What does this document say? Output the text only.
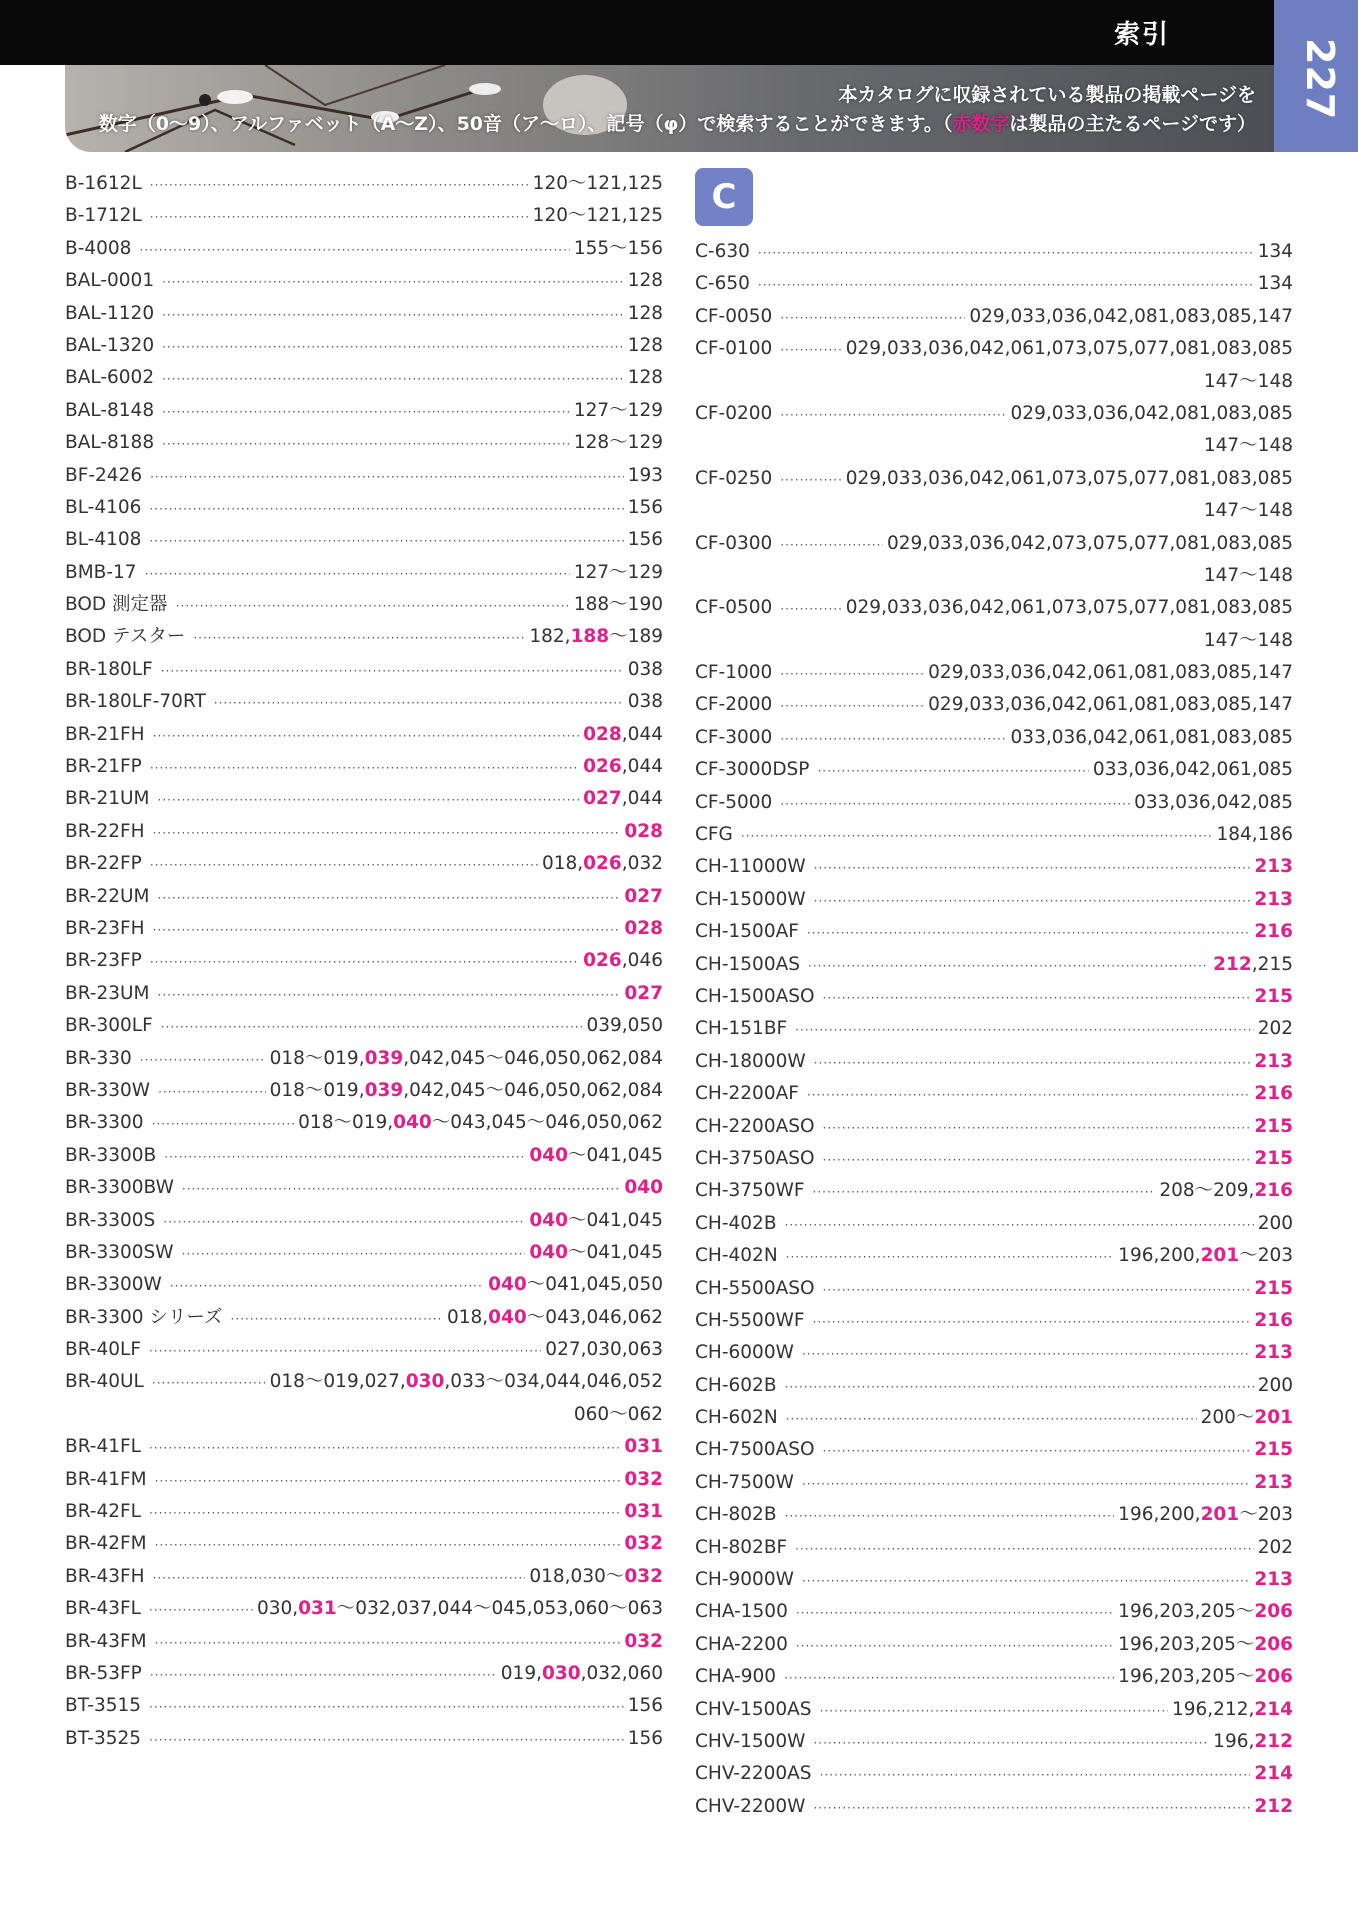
索引
227
本カタログに収録されている製品の掲載ページを
数字（0〜9）、アルファベット（A〜Z）、50音（ア〜ロ）、記号（φ）で検索することができます。（赤数字は製品の主たるページです）
B-1612L ·····	120〜121,125
B-1712L ·····	120〜121,125
B-4008 ·····	155〜156
BAL-0001 ·····	128
BAL-1120 ·····	128
BAL-1320 ·····	128
BAL-6002 ·····	128
BAL-8148 ·····	127〜129
BAL-8188 ·····	128〜129
BF-2426 ·····	193
BL-4106 ·····	156
BL-4108 ·····	156
BMB-17 ·····	127〜129
BOD 測定器 ·····	188〜190
BOD テスター ·····	182,188〜189
BR-180LF ·····	038
BR-180LF-70RT ·····	038
BR-21FH ·····	028,044
BR-21FP ·····	026,044
BR-21UM ·····	027,044
BR-22FH ·····	028
BR-22FP ·····	018,026,032
BR-22UM ·····	027
BR-23FH ·····	028
BR-23FP ·····	026,046
BR-23UM ·····	027
BR-300LF ·····	039,050
BR-330 ·····	018〜019,039,042,045〜046,050,062,084
BR-330W ·····	018〜019,039,042,045〜046,050,062,084
BR-3300 ·····	018〜019,040〜043,045〜046,050,062
BR-3300B ·····	040〜041,045
BR-3300BW ·····	040
BR-3300S ·····	040〜041,045
BR-3300SW ·····	040〜041,045
BR-3300W ·····	040〜041,045,050
BR-3300 シリーズ ·····	018,040〜043,046,062
BR-40LF ·····	027,030,063
BR-40UL ·····	018〜019,027,030,033〜034,044,046,052
060〜062
BR-41FL ·····	031
BR-41FM ·····	032
BR-42FL ·····	031
BR-42FM ·····	032
BR-43FH ·····	018,030〜032
BR-43FL ·····	030,031〜032,037,044〜045,053,060〜063
BR-43FM ·····	032
BR-53FP ·····	019,030,032,060
BT-3515 ·····	156
BT-3525 ·····	156
C
C-630 ·····	134
C-650 ·····	134
CF-0050 ·····	029,033,036,042,081,083,085,147
CF-0100 ·····	029,033,036,042,061,073,075,077,081,083,085
147〜148
CF-0200 ·····	029,033,036,042,081,083,085
147〜148
CF-0250 ·····	029,033,036,042,061,073,075,077,081,083,085
147〜148
CF-0300 ·····	029,033,036,042,073,075,077,081,083,085
147〜148
CF-0500 ·····	029,033,036,042,061,073,075,077,081,083,085
147〜148
CF-1000 ·····	029,033,036,042,061,081,083,085,147
CF-2000 ·····	029,033,036,042,061,081,083,085,147
CF-3000 ·····	033,036,042,061,081,083,085
CF-3000DSP ·····	033,036,042,061,085
CF-5000 ·····	033,036,042,085
CFG ·····	184,186
CH-11000W ·····	213
CH-15000W ·····	213
CH-1500AF ·····	216
CH-1500AS ·····	212,215
CH-1500ASO ·····	215
CH-151BF ·····	202
CH-18000W ·····	213
CH-2200AF ·····	216
CH-2200ASO ·····	215
CH-3750ASO ·····	215
CH-3750WF ·····	208〜209,216
CH-402B ·····	200
CH-402N ·····	196,200,201〜203
CH-5500ASO ·····	215
CH-5500WF ·····	216
CH-6000W ·····	213
CH-602B ·····	200
CH-602N ·····	200〜201
CH-7500ASO ·····	215
CH-7500W ·····	213
CH-802B ·····	196,200,201〜203
CH-802BF ·····	202
CH-9000W ·····	213
CHA-1500 ·····	196,203,205〜206
CHA-2200 ·····	196,203,205〜206
CHA-900 ·····	196,203,205〜206
CHV-1500AS ·····	196,212,214
CHV-1500W ·····	196,212
CHV-2200AS ·····	214
CHV-2200W ·····	212
